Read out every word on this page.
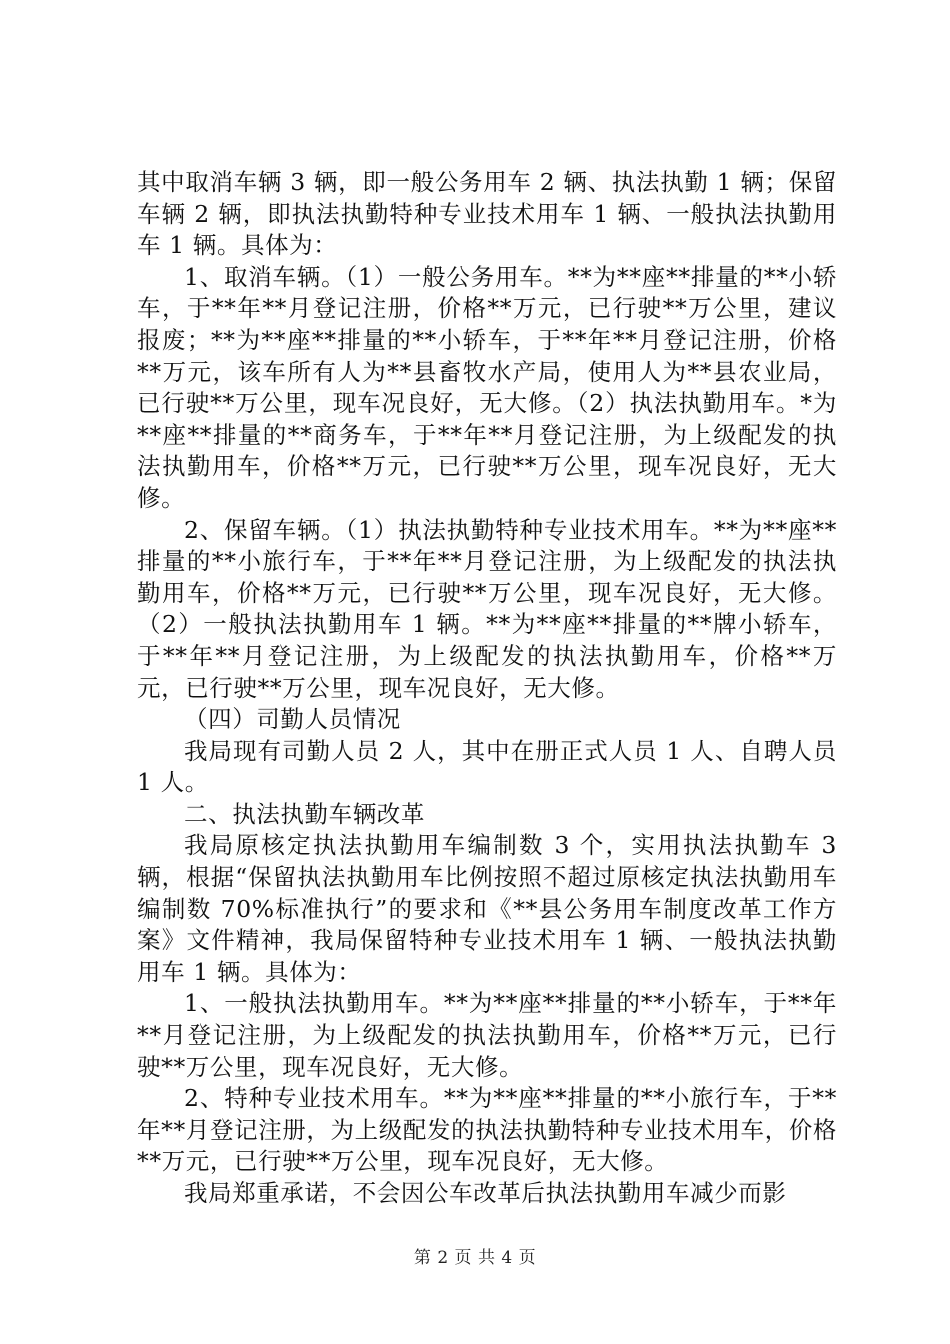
其中取消车辆 3 辆，即一般公务用车 2 辆、执法执勤 1 辆；保留车辆 2 辆，即执法执勤特种专业技术用车 1 辆、一般执法执勤用车 1 辆。具体为：

1、取消车辆。（1）一般公务用车。**为**座**排量的**小轿车，于**年**月登记注册，价格**万元，已行驶**万公里，建议报废；**为**座**排量的**小轿车，于**年**月登记注册，价格**万元，该车所有人为**县畜牧水产局，使用人为**县农业局，已行驶**万公里，现车况良好，无大修。（2）执法执勤用车。*为**座**排量的**商务车，于**年**月登记注册，为上级配发的执法执勤用车，价格**万元，已行驶**万公里，现车况良好，无大修。

2、保留车辆。（1）执法执勤特种专业技术用车。**为**座**排量的**小旅行车，于**年**月登记注册，为上级配发的执法执勤用车，价格**万元，已行驶**万公里，现车况良好，无大修。（2）一般执法执勤用车 1 辆。**为**座**排量的**牌小轿车，于**年**月登记注册，为上级配发的执法执勤用车，价格**万元，已行驶**万公里，现车况良好，无大修。

（四）司勤人员情况

我局现有司勤人员 2 人，其中在册正式人员 1 人、自聘人员 1 人。

二、执法执勤车辆改革

我局原核定执法执勤用车编制数 3 个，实用执法执勤车 3 辆，根据“保留执法执勤用车比例按照不超过原核定执法执勤用车编制数 70%标准执行”的要求和《**县公务用车制度改革工作方案》文件精神，我局保留特种专业技术用车 1 辆、一般执法执勤用车 1 辆。具体为：

1、一般执法执勤用车。**为**座**排量的**小轿车，于**年**月登记注册，为上级配发的执法执勤用车，价格**万元，已行驶**万公里，现车况良好，无大修。

2、特种专业技术用车。**为**座**排量的**小旅行车，于**年**月登记注册，为上级配发的执法执勤特种专业技术用车，价格**万元，已行驶**万公里，现车况良好，无大修。

我局郑重承诺，不会因公车改革后执法执勤用车减少而影

第 2 页 共 4 页
